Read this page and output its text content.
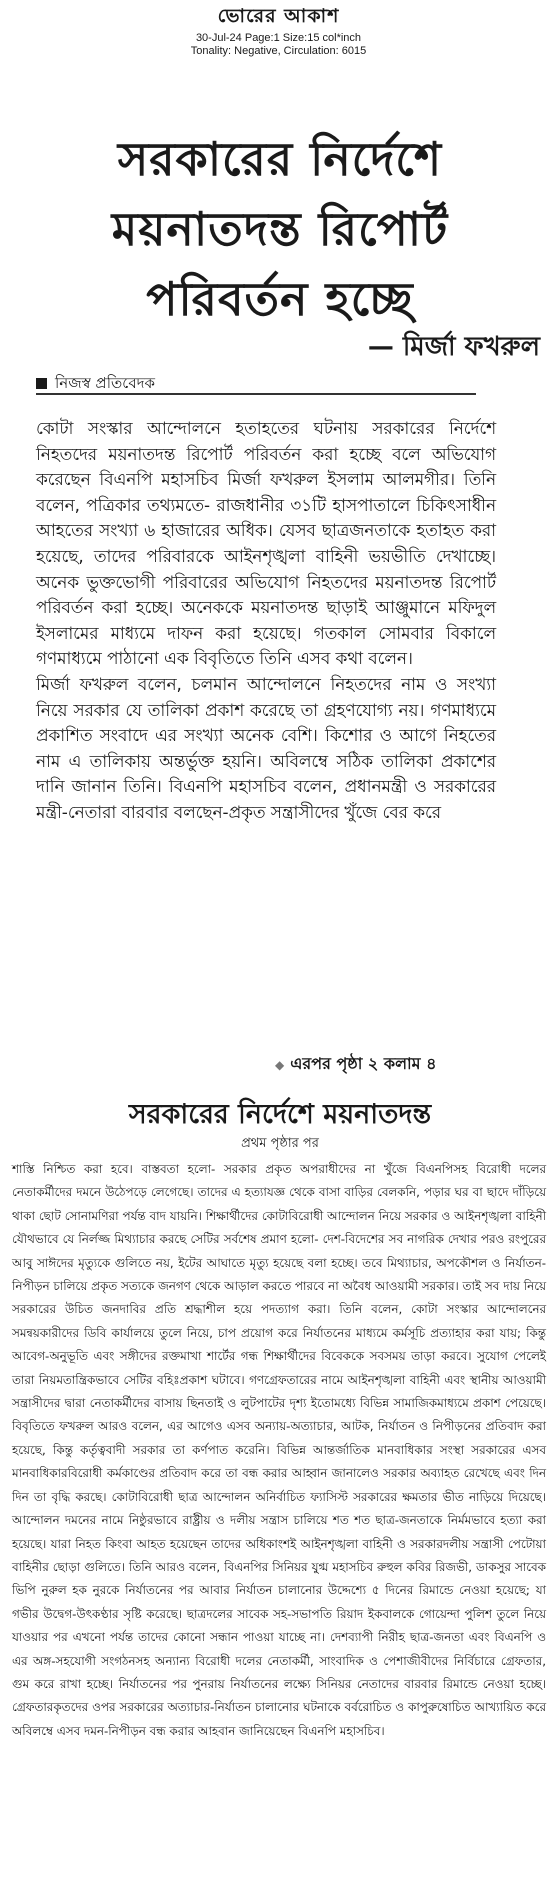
ভোরের আকাশ

30-Jul-24 Page:1 Size:15 col*inch
Tonality: Negative, Circulation: 6015
সরকারের নির্দেশে
ময়নাতদন্ত রিপোর্ট
পরিবর্তন হচ্ছে
— মির্জা ফখরুল
নিজস্ব প্রতিবেদক

কোটা সংস্কার আন্দোলনে হতাহতের ঘটনায় সরকারের নির্দেশে নিহতদের ময়নাতদন্ত রিপোর্ট পরিবর্তন করা হচ্ছে বলে অভিযোগ করেছেন বিএনপি মহাসচিব মির্জা ফখরুল ইসলাম আলমগীর। তিনি বলেন, পত্রিকার তথ্যমতে- রাজধানীর ৩১টি হাসপাতালে চিকিৎসাধীন আহতের সংখ্যা ৬ হাজারের অধিক। যেসব ছাত্রজনতাকে হতাহত করা হয়েছে, তাদের পরিবারকে আইনশৃঙ্খলা বাহিনী ভয়ভীতি দেখাচ্ছে। অনেক ভুক্তভোগী পরিবারের অভিযোগ নিহতদের ময়নাতদন্ত রিপোর্ট পরিবর্তন করা হচ্ছে। অনেককে ময়নাতদন্ত ছাড়াই আঞ্জুমানে মফিদুল ইসলামের মাধ্যমে দাফন করা হয়েছে। গতকাল সোমবার বিকালে গণমাধ্যমে পাঠানো এক বিবৃতিতে তিনি এসব কথা বলেন।

মির্জা ফখরুল বলেন, চলমান আন্দোলনে নিহতদের নাম ও সংখ্যা নিয়ে সরকার যে তালিকা প্রকাশ করেছে তা গ্রহণযোগ্য নয়। গণমাধ্যমে প্রকাশিত সংবাদে এর সংখ্যা অনেক বেশি। কিশোর ও আগে নিহতের নাম এ তালিকায় অন্তর্ভুক্ত হয়নি। অবিলম্বে সঠিক তালিকা প্রকাশের দানি জানান তিনি। বিএনপি মহাসচিব বলেন, প্রধানমন্ত্রী ও সরকারের মন্ত্রী-নেতারা বারবার বলছেন-প্রকৃত সন্ত্রাসীদের খুঁজে বের করে

◆ এরপর পৃষ্ঠা ২ কলাম ৪
সরকারের নির্দেশে ময়নাতদন্ত
প্রথম পৃষ্ঠার পর
শাস্তি নিশ্চিত করা হবে। বাস্তবতা হলো- সরকার প্রকৃত অপরাধীদের না খুঁজে বিএনপিসহ বিরোধী দলের নেতাকর্মীদের দমনে উঠেপড়ে লেগেছে। তাদের এ হত্যাযজ্ঞ থেকে বাসা বাড়ির বেলকনি, পড়ার ঘর বা ছাদে দাঁড়িয়ে থাকা ছোট সোনামণিরা পর্যন্ত বাদ যায়নি। শিক্ষার্থীদের কোটাবিরোধী আন্দোলন নিয়ে সরকার ও আইনশৃঙ্খলা বাহিনী যৌথভাবে যে নির্লজ্জ মিথ্যাচার করছে সেটির সর্বশেষ প্রমাণ হলো- দেশ-বিদেশের সব নাগরিক দেখার পরও রংপুরের আবু সাঈদের মৃত্যুকে গুলিতে নয়, ইটের আঘাতে মৃত্যু হয়েছে বলা হচ্ছে। তবে মিথ্যাচার, অপকৌশল ও নির্যাতন-নিপীড়ন চালিয়ে প্রকৃত সত্যকে জনগণ থেকে আড়াল করতে পারবে না অবৈধ আওয়ামী সরকার। তাই সব দায় নিয়ে সরকারের উচিত জনদাবির প্রতি শ্রদ্ধাশীল হয়ে পদত্যাগ করা। তিনি বলেন, কোটা সংস্কার আন্দোলনের সমন্বয়কারীদের ডিবি কার্যালয়ে তুলে নিয়ে, চাপ প্রয়োগ করে নির্যাতনের মাধ্যমে কর্মসূচি প্রত্যাহার করা যায়; কিন্তু আবেগ-অনুভূতি এবং সঙ্গীদের রক্তমাখা শার্টের গন্ধ শিক্ষার্থীদের বিবেককে সবসময় তাড়া করবে। সুযোগ পেলেই তারা নিয়মতান্ত্রিকভাবে সেটির বহিঃপ্রকাশ ঘটাবে। গণগ্রেফতারের নামে আইনশৃঙ্খলা বাহিনী এবং স্থানীয় আওয়ামী সন্ত্রাসীদের দ্বারা নেতাকর্মীদের বাসায় ছিনতাই ও লুটপাটের দৃশ্য ইতোমধ্যে বিভিন্ন সামাজিকমাধ্যমে প্রকাশ পেয়েছে। বিবৃতিতে ফখরুল আরও বলেন, এর আগেও এসব অন্যায়-অত্যাচার, আটক, নির্যাতন ও নিপীড়নের প্রতিবাদ করা হয়েছে, কিন্তু কর্তৃত্ববাদী সরকার তা কর্ণপাত করেনি। বিভিন্ন আন্তর্জাতিক মানবাধিকার সংস্থা সরকারের এসব মানবাধিকারবিরোধী কর্মকাণ্ডের প্রতিবাদ করে তা বন্ধ করার আহ্বান জানালেও সরকার অব্যাহত রেখেছে এবং দিন দিন তা বৃদ্ধি করছে। কোটাবিরোধী ছাত্র আন্দোলন অনির্বাচিত ফ্যাসিস্ট সরকারের ক্ষমতার ভীত নাড়িয়ে দিয়েছে। আন্দোলন দমনের নামে নিষ্ঠুরভাবে রাষ্ট্রীয় ও দলীয় সন্ত্রাস চালিয়ে শত শত ছাত্র-জনতাকে নির্মমভাবে হত্যা করা হয়েছে। যারা নিহত কিংবা আহত হয়েছেন তাদের অধিকাংশই আইনশৃঙ্খলা বাহিনী ও সরকারদলীয় সন্ত্রাসী পেটোয়া বাহিনীর ছোড়া গুলিতে। তিনি আরও বলেন, বিএনপির সিনিয়র যুগ্ম মহাসচিব রুহুল কবির রিজভী, ডাকসুর সাবেক ভিপি নুরুল হক নুরকে নির্যাতনের পর আবার নির্যাতন চালানোর উদ্দেশ্যে ৫ দিনের রিমান্ডে নেওয়া হয়েছে; যা গভীর উদ্বেগ-উৎকণ্ঠার সৃষ্টি করেছে। ছাত্রদলের সাবেক সহ-সভাপতি রিয়াদ ইকবালকে গোয়েন্দা পুলিশ তুলে নিয়ে যাওয়ার পর এখনো পর্যন্ত তাদের কোনো সন্ধান পাওয়া যাচ্ছে না। দেশব্যাপী নিরীহ ছাত্র-জনতা এবং বিএনপি ও এর অঙ্গ-সহযোগী সংগঠনসহ অন্যান্য বিরোধী দলের নেতাকর্মী, সাংবাদিক ও পেশাজীবীদের নির্বিচারে গ্রেফতার, গুম করে রাখা হচ্ছে। নির্যাতনের পর পুনরায় নির্যাতনের লক্ষ্যে সিনিয়র নেতাদের বারবার রিমান্ডে নেওয়া হচ্ছে। গ্রেফতারকৃতদের ওপর সরকারের অত্যাচার-নির্যাতন চালানোর ঘটনাকে বর্বরোচিত ও কাপুরুষোচিত আখ্যায়িত করে অবিলম্বে এসব দমন-নিপীড়ন বন্ধ করার আহবান জানিয়েছেন বিএনপি মহাসচিব।
